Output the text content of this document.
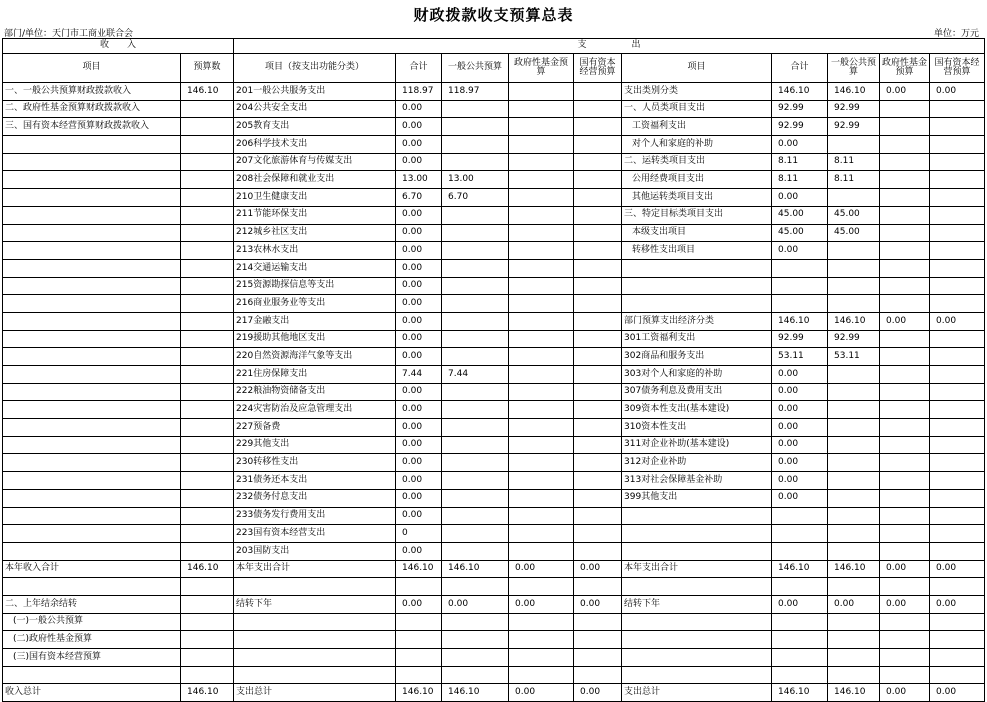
财政拨款收支预算总表
部门/单位：天门市工商业联合会	单位：万元
收　　入		支　　　　　出									
项目	预算数	项目（按支出功能分类）	合计	一般公共预算	政府性基金预算	国有资本经营预算	项目	合计	一般公共预算	政府性基金预算	国有资本经营预算
一、一般公共预算财政拨款收入	146.10	201一般公共服务支出	118.97	118.97			支出类别分类	146.10	146.10	0.00	0.00
二、政府性基金预算财政拨款收入		204公共安全支出	0.00				一、人员类项目支出	92.99	92.99		
三、国有资本经营预算财政拨款收入		205教育支出	0.00				工资福利支出	92.99	92.99		
		206科学技术支出	0.00				对个人和家庭的补助	0.00			
		207文化旅游体育与传媒支出	0.00				二、运转类项目支出	8.11	8.11		
		208社会保障和就业支出	13.00	13.00			公用经费项目支出	8.11	8.11		
		210卫生健康支出	6.70	6.70			其他运转类项目支出	0.00			
		211节能环保支出	0.00				三、特定目标类项目支出	45.00	45.00		
		212城乡社区支出	0.00				本级支出项目	45.00	45.00		
		213农林水支出	0.00				转移性支出项目	0.00			
		214交通运输支出	0.00								
		215资源勘探信息等支出	0.00								
		216商业服务业等支出	0.00								
		217金融支出	0.00				部门预算支出经济分类	146.10	146.10	0.00	0.00
		219援助其他地区支出	0.00				301工资福利支出	92.99	92.99		
		220自然资源海洋气象等支出	0.00				302商品和服务支出	53.11	53.11		
		221住房保障支出	7.44	7.44			303对个人和家庭的补助	0.00			
		222粮油物资储备支出	0.00				307债务利息及费用支出	0.00			
		224灾害防治及应急管理支出	0.00				309资本性支出(基本建设)	0.00			
		227预备费	0.00				310资本性支出	0.00			
		229其他支出	0.00				311对企业补助(基本建设)	0.00			
		230转移性支出	0.00				312对企业补助	0.00			
		231债务还本支出	0.00				313对社会保障基金补助	0.00			
		232债务付息支出	0.00				399其他支出	0.00			
		233债务发行费用支出	0.00								
		223国有资本经营支出	0								
		203国防支出	0.00								
本年收入合计	146.10	本年支出合计	146.10	146.10	0.00	0.00	本年支出合计	146.10	146.10	0.00	0.00

二、上年结余结转		结转下年	0.00	0.00	0.00	0.00	结转下年	0.00	0.00	0.00	0.00
(一)一般公共预算											
(二)政府性基金预算											
(三)国有资本经营预算											

收入总计	146.10	支出总计	146.10	146.10	0.00	0.00	支出总计	146.10	146.10	0.00	0.00
